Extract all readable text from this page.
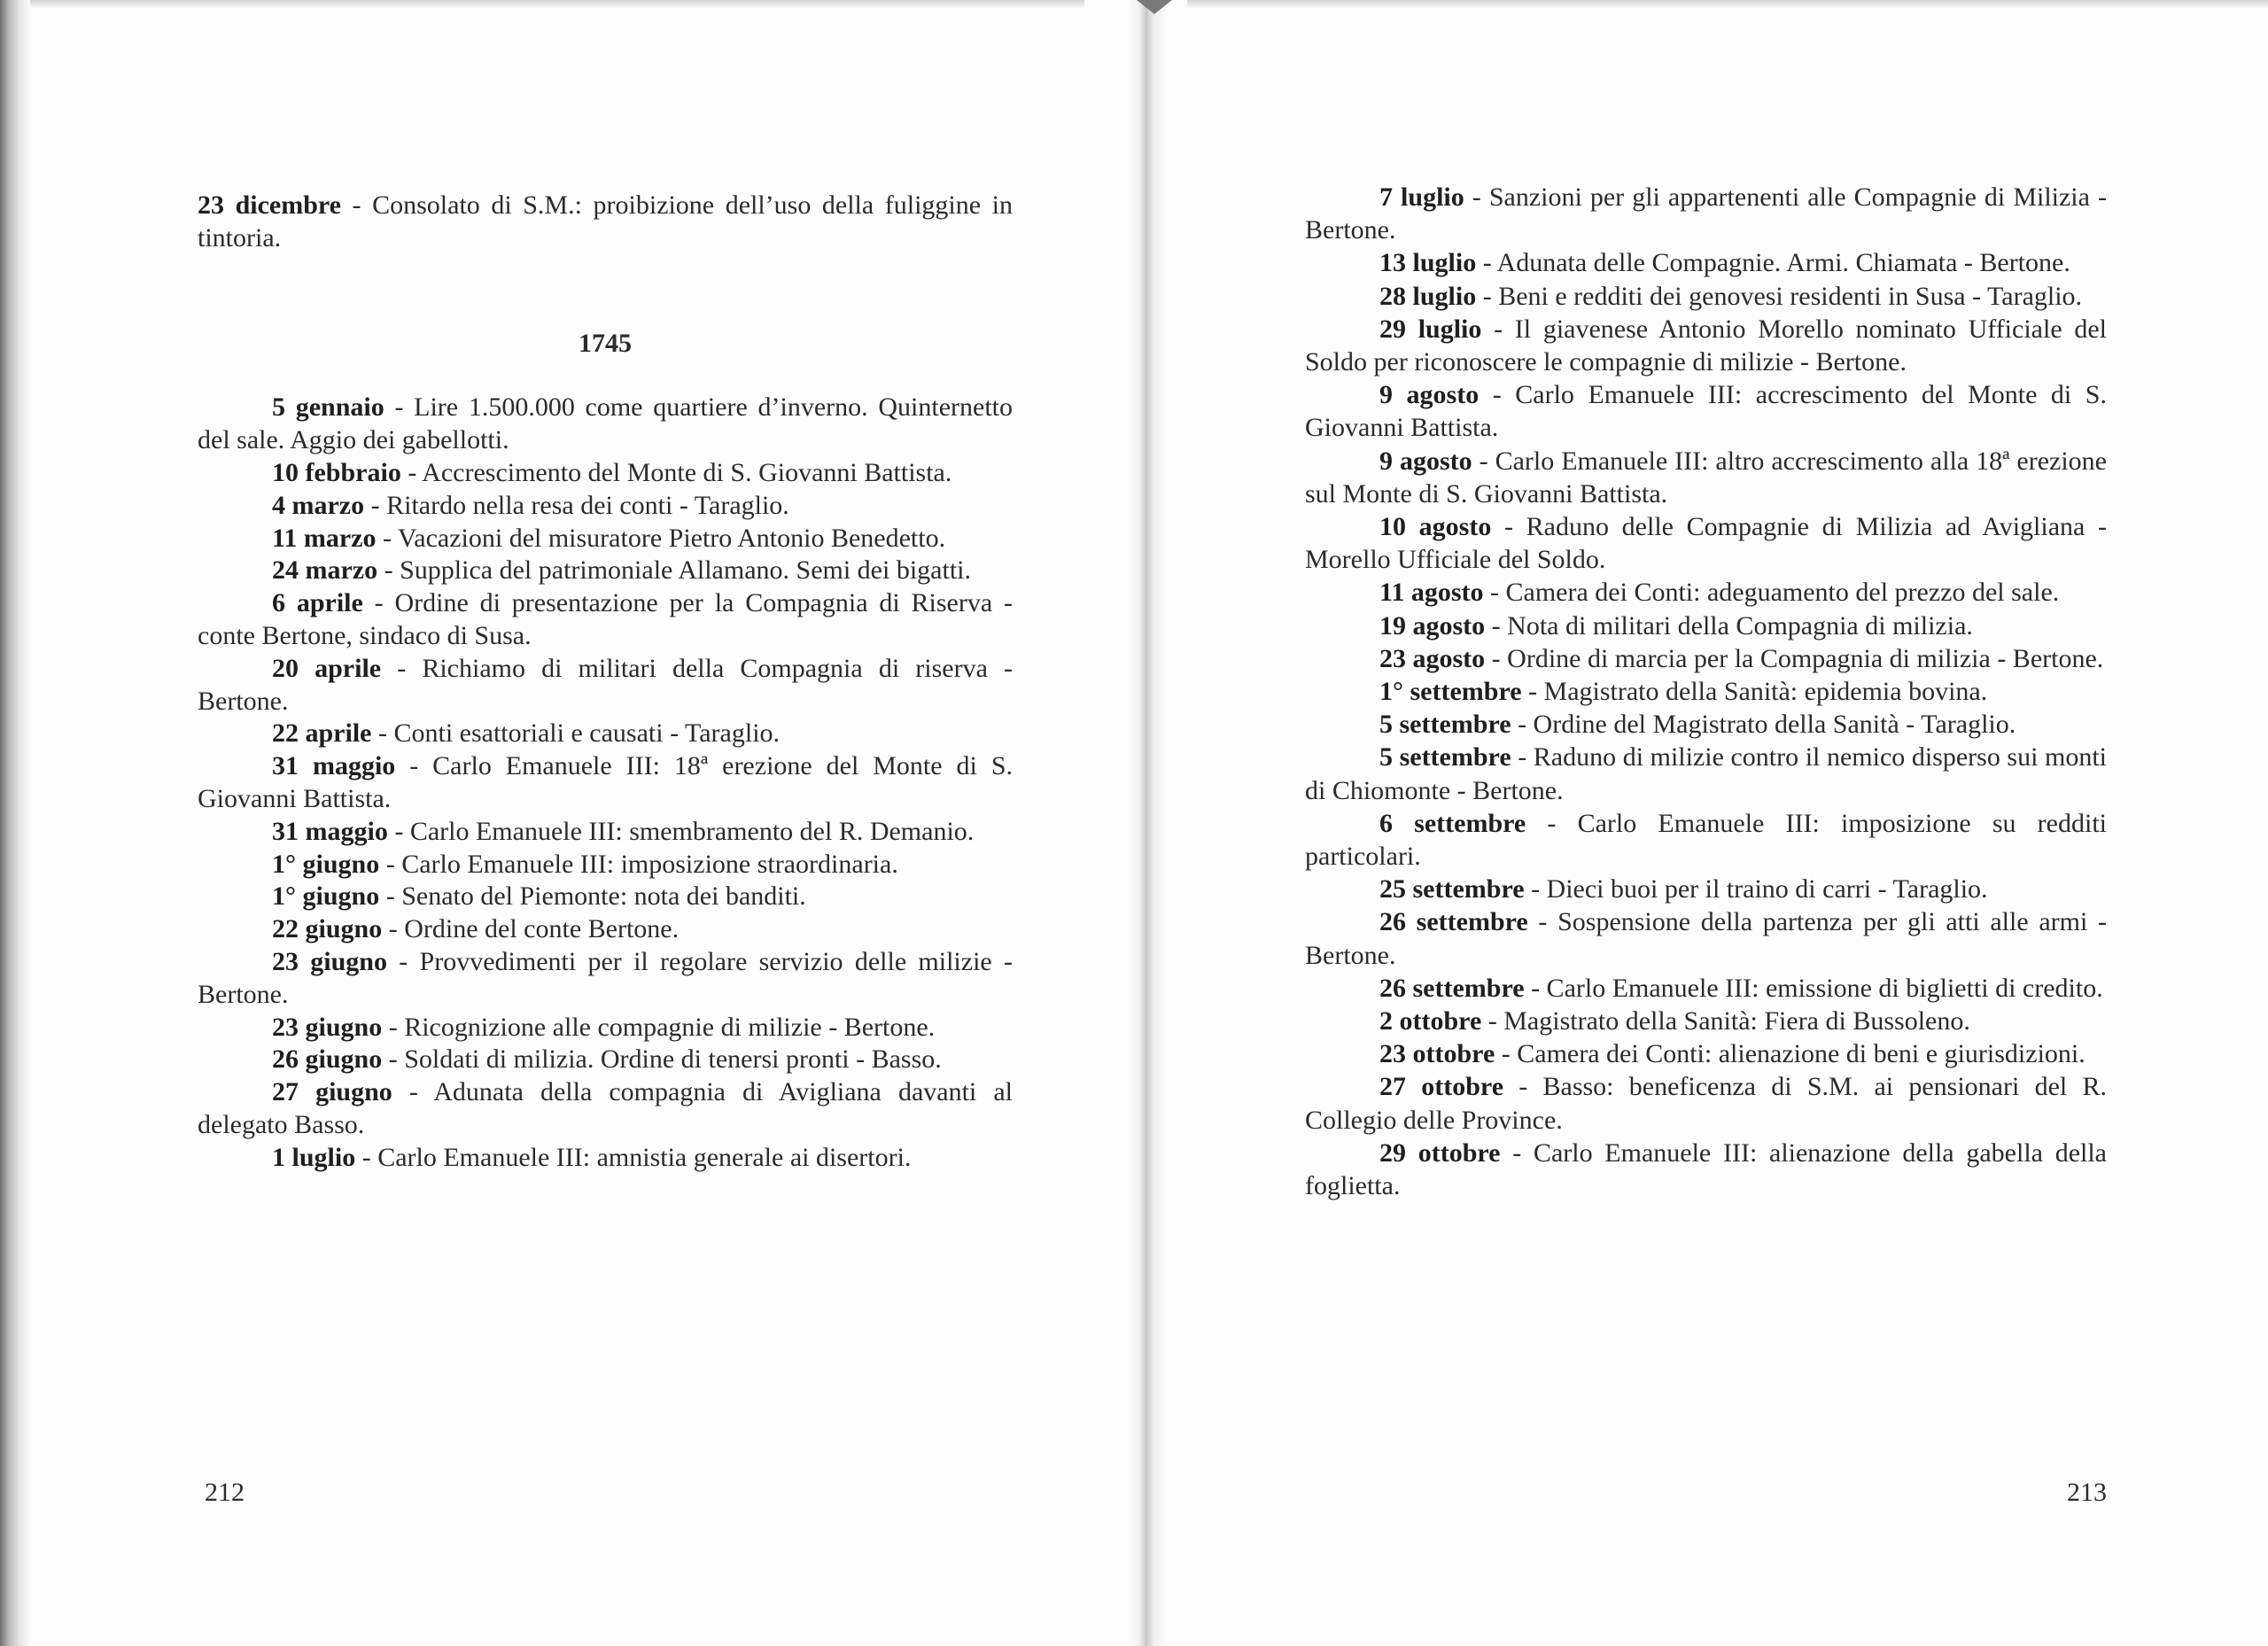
23 dicembre - Consolato di S.M.: proibizione dell’uso della fuliggine in tintoria.

1745

5 gennaio - Lire 1.500.000 come quartiere d’inverno. Quinternetto del sale. Aggio dei gabellotti.

10 febbraio - Accrescimento del Monte di S. Giovanni Battista.

4 marzo - Ritardo nella resa dei conti - Taraglio.

11 marzo - Vacazioni del misuratore Pietro Antonio Benedetto.

24 marzo - Supplica del patrimoniale Allamano. Semi dei bigatti.

6 aprile - Ordine di presentazione per la Compagnia di Riserva - conte Bertone, sindaco di Susa.

20 aprile - Richiamo di militari della Compagnia di riserva - Bertone.

22 aprile - Conti esattoriali e causati - Taraglio.

31 maggio - Carlo Emanuele III: 18ª erezione del Monte di S. Giovanni Battista.

31 maggio - Carlo Emanuele III: smembramento del R. Demanio.

1° giugno - Carlo Emanuele III: imposizione straordinaria.

1° giugno - Senato del Piemonte: nota dei banditi.

22 giugno - Ordine del conte Bertone.

23 giugno - Provvedimenti per il regolare servizio delle milizie - Bertone.

23 giugno - Ricognizione alle compagnie di milizie - Bertone.

26 giugno - Soldati di milizia. Ordine di tenersi pronti - Basso.

27 giugno - Adunata della compagnia di Avigliana davanti al delegato Basso.

1 luglio - Carlo Emanuele III: amnistia generale ai disertori.

212

7 luglio - Sanzioni per gli appartenenti alle Compagnie di Milizia - Bertone.

13 luglio - Adunata delle Compagnie. Armi. Chiamata - Bertone.

28 luglio - Beni e redditi dei genovesi residenti in Susa - Taraglio.

29 luglio - Il giavenese Antonio Morello nominato Ufficiale del Soldo per riconoscere le compagnie di milizie - Bertone.

9 agosto - Carlo Emanuele III: accrescimento del Monte di S. Giovanni Battista.

9 agosto - Carlo Emanuele III: altro accrescimento alla 18ª erezione sul Monte di S. Giovanni Battista.

10 agosto - Raduno delle Compagnie di Milizia ad Avigliana - Morello Ufficiale del Soldo.

11 agosto - Camera dei Conti: adeguamento del prezzo del sale.

19 agosto - Nota di militari della Compagnia di milizia.

23 agosto - Ordine di marcia per la Compagnia di milizia - Bertone.

1° settembre - Magistrato della Sanità: epidemia bovina.

5 settembre - Ordine del Magistrato della Sanità - Taraglio.

5 settembre - Raduno di milizie contro il nemico disperso sui monti di Chiomonte - Bertone.

6 settembre - Carlo Emanuele III: imposizione su redditi particolari.

25 settembre - Dieci buoi per il traino di carri - Taraglio.

26 settembre - Sospensione della partenza per gli atti alle armi - Bertone.

26 settembre - Carlo Emanuele III: emissione di biglietti di credito.

2 ottobre - Magistrato della Sanità: Fiera di Bussoleno.

23 ottobre - Camera dei Conti: alienazione di beni e giurisdizioni.

27 ottobre - Basso: beneficenza di S.M. ai pensionari del R. Collegio delle Province.

29 ottobre - Carlo Emanuele III: alienazione della gabella della foglietta.

213
